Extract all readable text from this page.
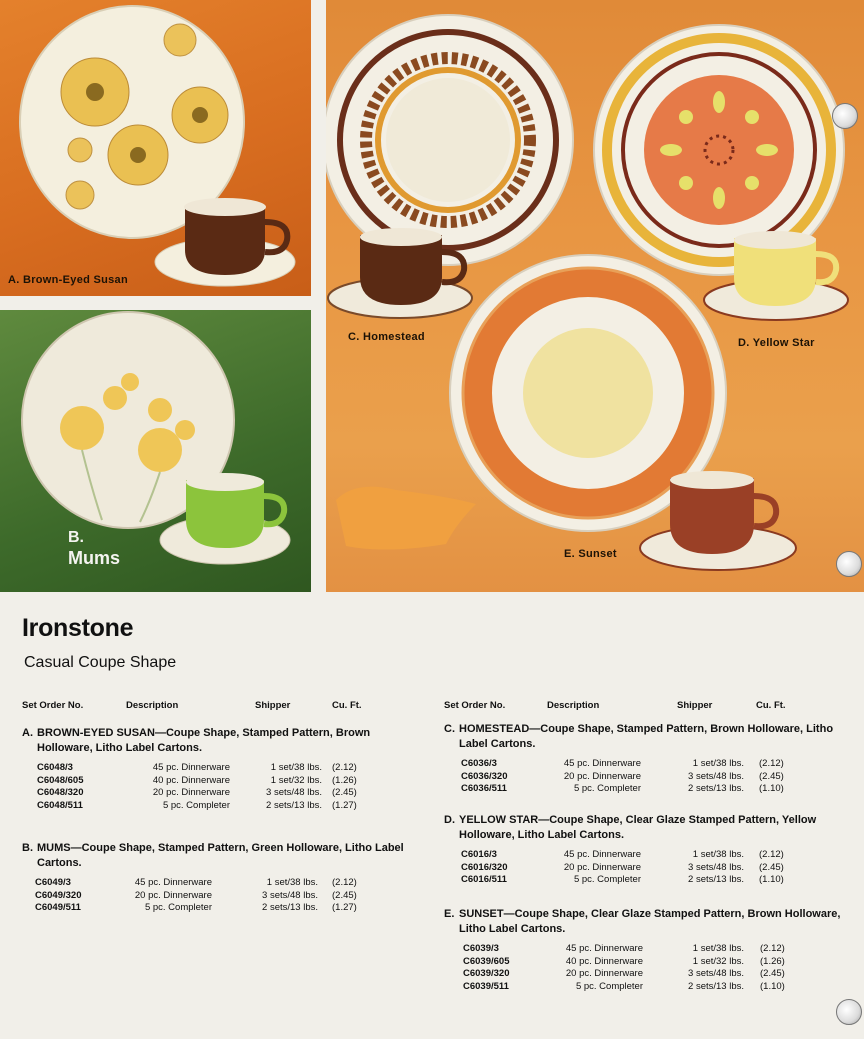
A. Brown-Eyed Susan
B.
Mums
C. Homestead	D. Yellow Star
E. Sunset
Ironstone
Casual Coupe Shape
Set Order No.	Description	Shipper	Cu. Ft.
A. BROWN-EYED SUSAN—Coupe Shape, Stamped Pattern, Brown Holloware, Litho Label Cartons.
C6048/3	45 pc. Dinnerware	1 set/38 lbs. (2.12)
C6048/605	40 pc. Dinnerware	1 set/32 lbs. (1.26)
C6048/320	20 pc. Dinnerware	3 sets/48 lbs. (2.45)
C6048/511	5 pc. Completer	2 sets/13 lbs. (1.27)
B. MUMS—Coupe Shape, Stamped Pattern, Green Holloware, Litho Label Cartons.
C6049/3	45 pc. Dinnerware	1 set/38 lbs. (2.12)
C6049/320	20 pc. Dinnerware	3 sets/48 lbs. (2.45)
C6049/511	5 pc. Completer	2 sets/13 lbs. (1.27)
Set Order No.	Description	Shipper	Cu. Ft.
C. HOMESTEAD—Coupe Shape, Stamped Pattern, Brown Holloware, Litho Label Cartons.
C6036/3	45 pc. Dinnerware	1 set/38 lbs. (2.12)
C6036/320	20 pc. Dinnerware	3 sets/48 lbs. (2.45)
C6036/511	5 pc. Completer	2 sets/13 lbs. (1.10)
D. YELLOW STAR—Coupe Shape, Clear Glaze Stamped Pattern, Yellow Holloware, Litho Label Cartons.
C6016/3	45 pc. Dinnerware	1 set/38 lbs. (2.12)
C6016/320	20 pc. Dinnerware	3 sets/48 lbs. (2.45)
C6016/511	5 pc. Completer	2 sets/13 lbs. (1.10)
E. SUNSET—Coupe Shape, Clear Glaze Stamped Pattern, Brown Holloware, Litho Label Cartons.
C6039/3	45 pc. Dinnerware	1 set/38 lbs. (2.12)
C6039/605	40 pc. Dinnerware	1 set/32 lbs. (1.26)
C6039/320	20 pc. Dinnerware	3 sets/48 lbs. (2.45)
C6039/511	5 pc. Completer	2 sets/13 lbs. (1.10)
